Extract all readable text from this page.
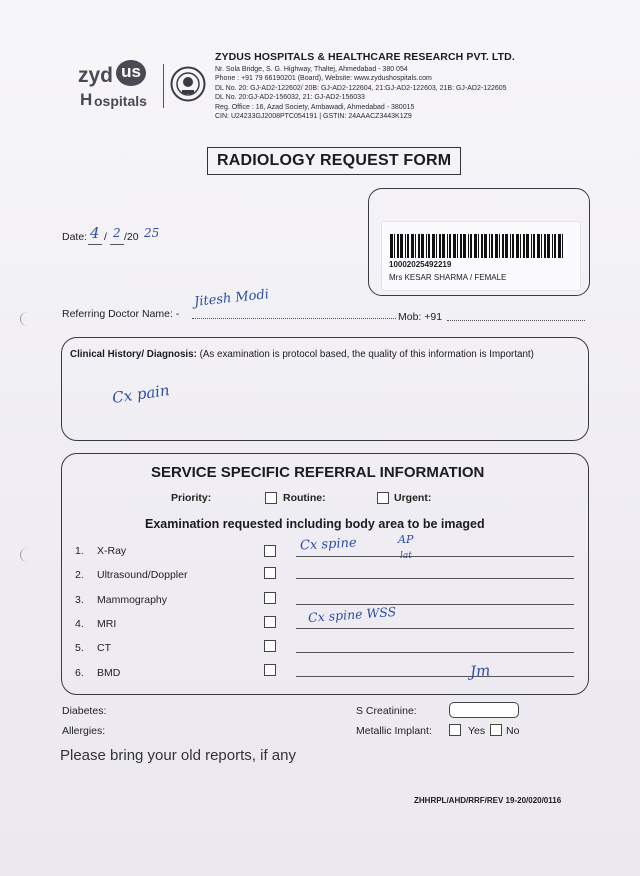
zyd us
H ospitals
ZYDUS HOSPITALS & HEALTHCARE RESEARCH PVT. LTD.
Nr. Sola Bridge, S. G. Highway, Thaltej, Ahmedabad - 380 054
Phone : +91 79 66190201 (Board), Website: www.zydushospitals.com
DL No. 20: GJ-AD2-122602/ 20B: GJ-AD2-122604, 21:GJ-AD2-122603, 21B: GJ-AD2-122605
DL No. 20:GJ-AD2-156032, 21: GJ-AD2-156033
Reg. Office : 16, Azad Society, Ambawadi, Ahmedabad - 380015
CIN: U24233GJ2008PTC054191 | GSTIN: 24AAACZ3443K1Z9
RADIOLOGY REQUEST FORM
10002025492219
Mrs KESAR SHARMA / FEMALE
Date: 4 / 2 /20 25
Referring Doctor Name: -
Jitesh Modi
Mob: +91
Clinical History/ Diagnosis: (As examination is protocol based, the quality of this information is Important)
Cx pain
SERVICE SPECIFIC REFERRAL INFORMATION
Priority:	Routine:	Urgent:
Examination requested including body area to be imaged
1. X-Ray	Cx spine	AP
lat
2. Ultrasound/Doppler
3. Mammography
4. MRI	Cx spine WSS
5. CT
6. BMD	Jm
Diabetes:	S Creatinine:
Allergies:	Metallic Implant:	Yes No
Please bring your old reports, if any
ZHHRPL/AHD/RRF/REV 19-20/020/0116
